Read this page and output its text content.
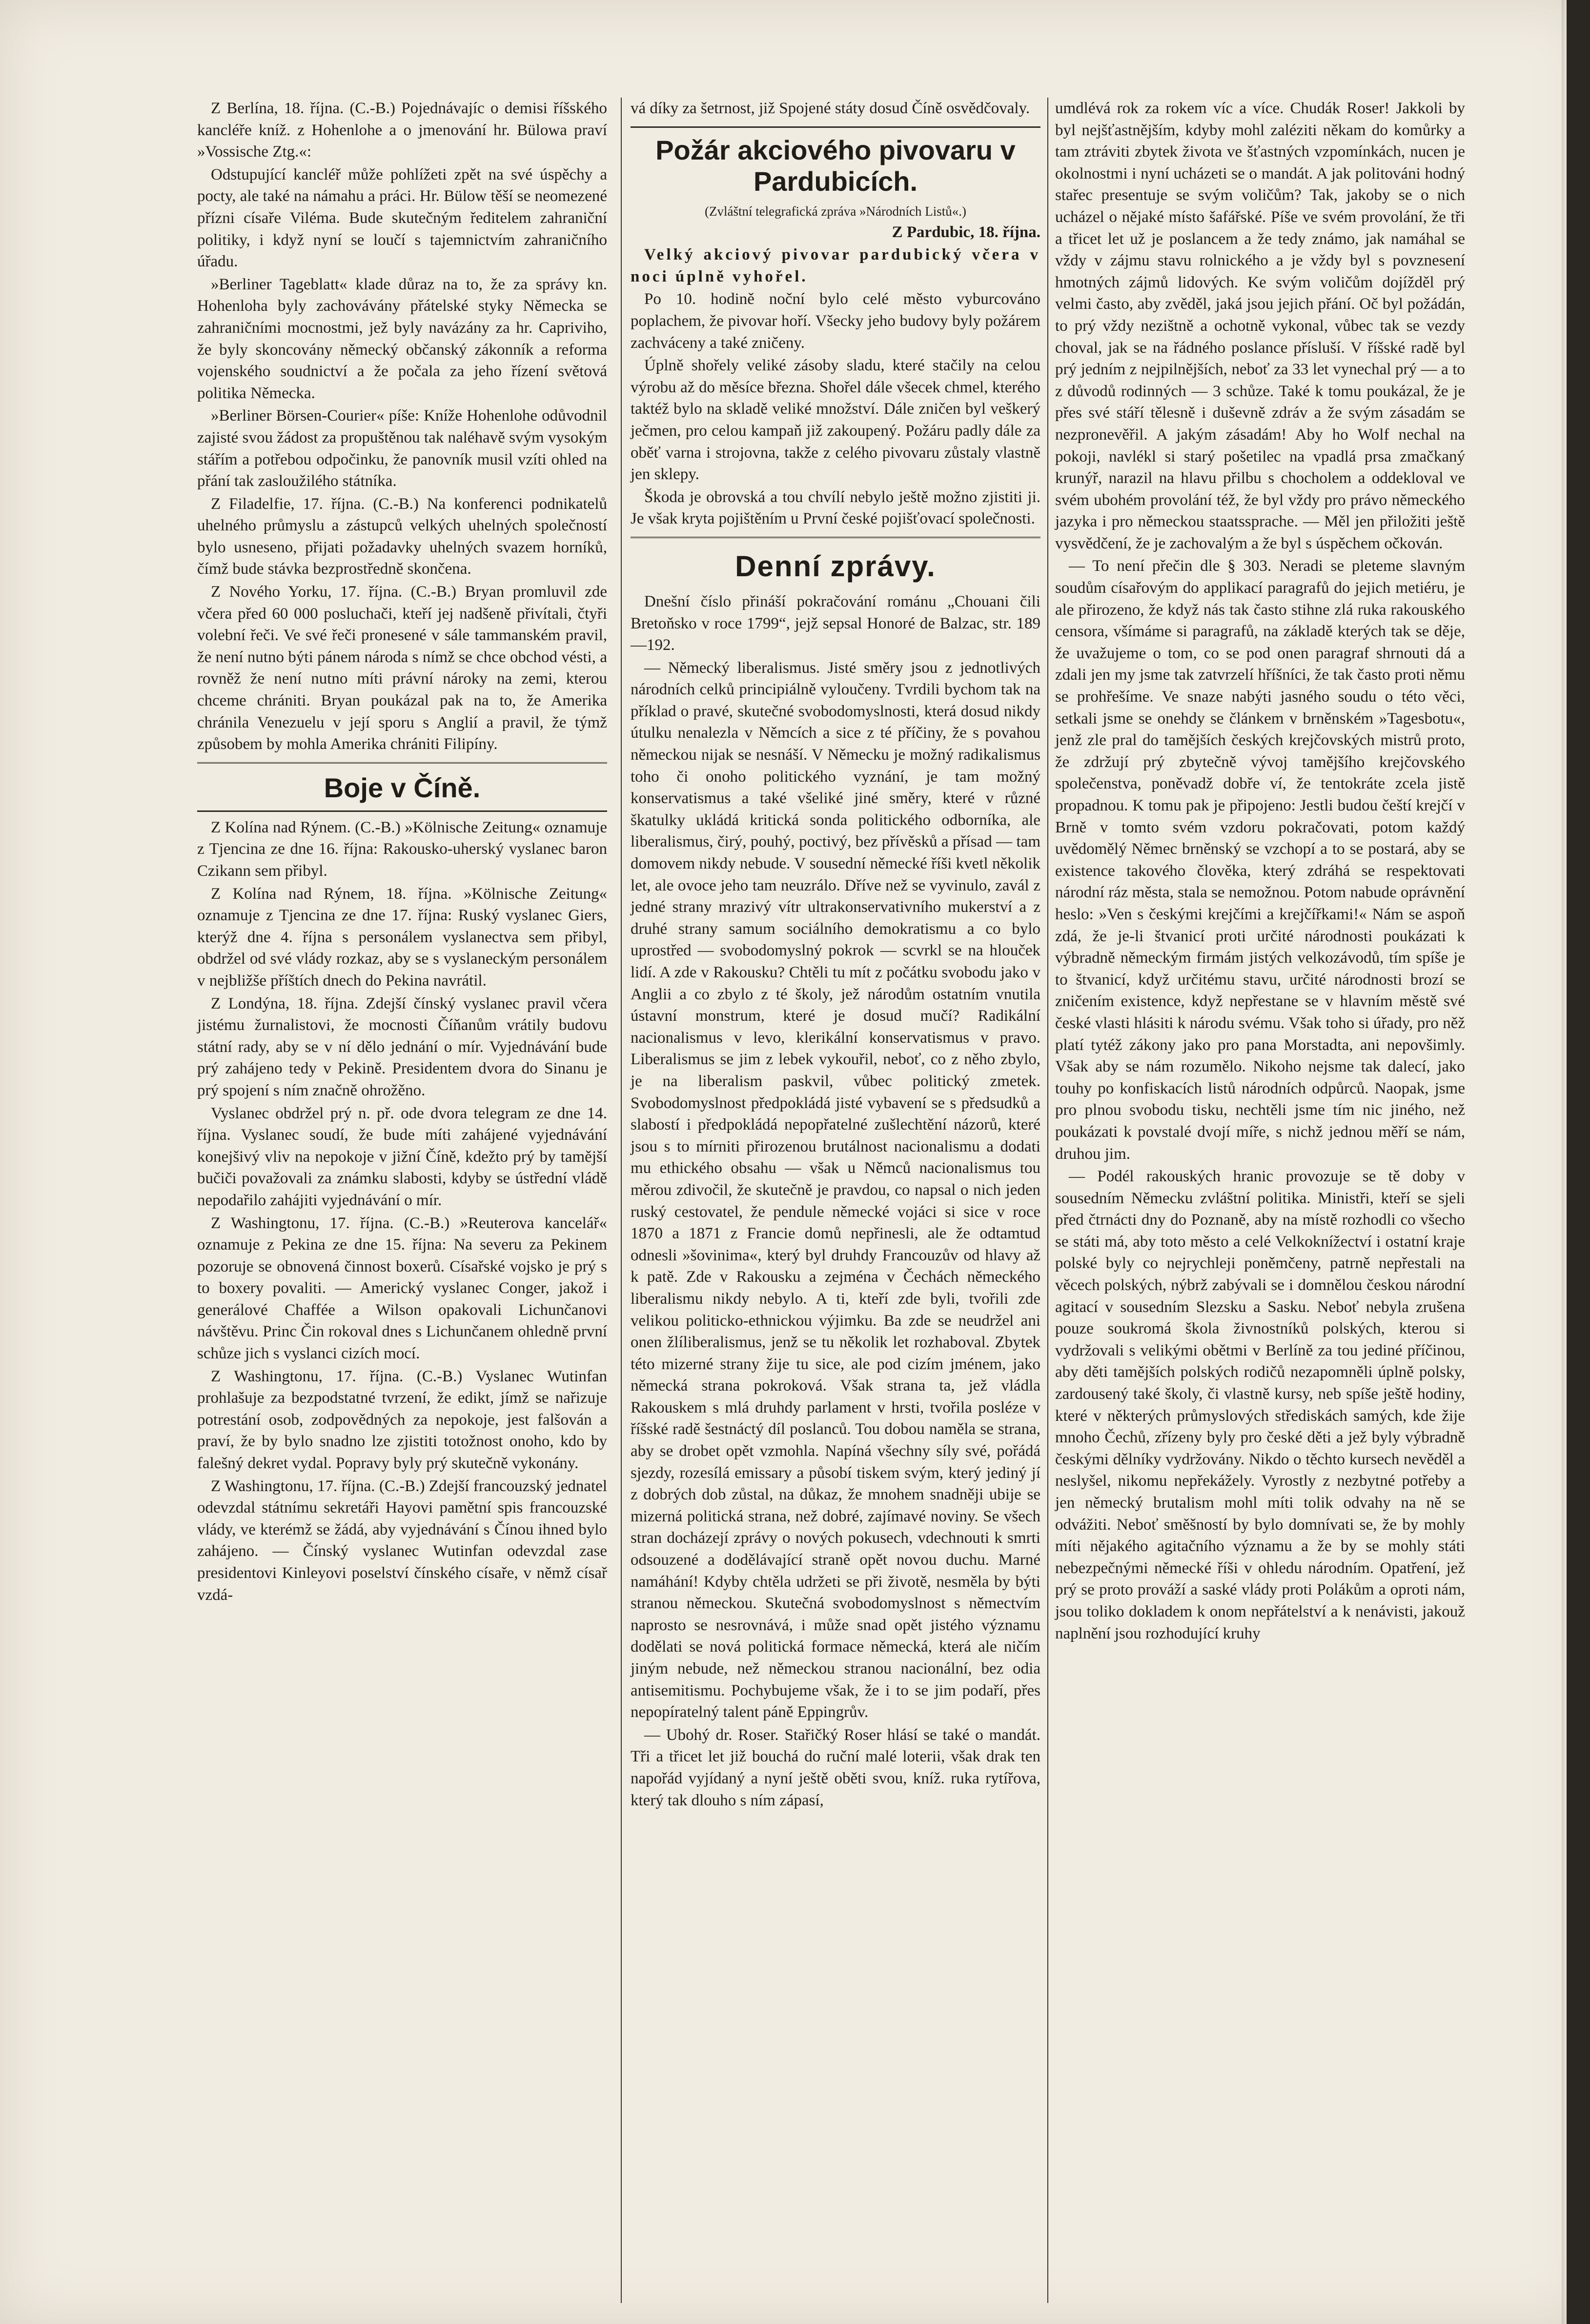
Z Berlína, 18. října. (C.-B.) Pojednávajíc o demisi říšského kancléře kníž. z Hohenlohe a o jmenování hr. Bülowa praví »Vossische Ztg.«:

Odstupující kancléř může pohlížeti zpět na své úspěchy a pocty, ale také na námahu a práci. Hr. Bülow těší se neomezené přízni císaře Viléma. Bude skutečným ředitelem zahraniční politiky, i když nyní se loučí s tajemnictvím zahraničního úřadu.

»Berliner Tageblatt« klade důraz na to, že za správy kn. Hohenloha byly zachovávány přátelské styky Německa se zahraničními mocnostmi, jež byly navázány za hr. Capriviho, že byly skoncovány německý občanský zákonník a reforma vojenského soudnictví a že počala za jeho řízení světová politika Německa.

»Berliner Börsen-Courier« píše: Kníže Hohenlohe odůvodnil zajisté svou žádost za propuštěnou tak naléhavě svým vysokým stářím a potřebou odpočinku, že panovník musil vzíti ohled na přání tak zasloužilého státníka.

Z Filadelfie, 17. října. (C.-B.) Na konferenci podnikatelů uhelného průmyslu a zástupců velkých uhelných společností bylo usneseno, přijati požadavky uhelných svazem horníků, čímž bude stávka bezprostředně skončena.

Z Nového Yorku, 17. října. (C.-B.) Bryan promluvil zde včera před 60 000 posluchači, kteří jej nadšeně přivítali, čtyři volební řeči. Ve své řeči pronesené v sále tammanském pravil, že není nutno býti pánem národa s nímž se chce obchod vésti, a rovněž že není nutno míti právní nároky na zemi, kterou chceme chrániti. Bryan poukázal pak na to, že Amerika chránila Venezuelu v její sporu s Anglií a pravil, že týmž způsobem by mohla Amerika chrániti Filipíny.

Boje v Číně.

Z Kolína nad Rýnem. (C.-B.) »Kölnische Zeitung« oznamuje z Tjencina ze dne 16. října: Rakousko-uherský vyslanec baron Czikann sem přibyl.

Z Kolína nad Rýnem, 18. října. »Kölnische Zeitung« oznamuje z Tjencina ze dne 17. října: Ruský vyslanec Giers, kterýž dne 4. října s personálem vyslanectva sem přibyl, obdržel od své vlády rozkaz, aby se s vyslaneckým personálem v nejbližše příštích dnech do Pekina navrátil.

Z Londýna, 18. října. Zdejší čínský vyslanec pravil včera jistému žurnalistovi, že mocnosti Číňanům vrátily budovu státní rady, aby se v ní dělo jednání o mír. Vyjednávání bude prý zahájeno tedy v Pekině. Presidentem dvora do Sinanu je prý spojení s ním značně ohrožěno.

Vyslanec obdržel prý n. př. ode dvora telegram ze dne 14. října. Vyslanec soudí, že bude míti zahájené vyjednávání konejšivý vliv na nepokoje v jižní Číně, kdežto prý by tamější bučiči považovali za známku slabosti, kdyby se ústřední vládě nepodařilo zahájiti vyjednávání o mír.

Z Washingtonu, 17. října. (C.-B.) »Reuterova kancelář« oznamuje z Pekina ze dne 15. října: Na severu za Pekinem pozoruje se obnovená činnost boxerů. Císařské vojsko je prý s to boxery povaliti. — Americký vyslanec Conger, jakož i generálové Chaffée a Wilson opakovali Lichunčanovi návštěvu. Princ Čin rokoval dnes s Lichunčanem ohledně první schůze jich s vyslanci cizích mocí.

Z Washingtonu, 17. října. (C.-B.) Vyslanec Wutinfan prohlašuje za bezpodstatné tvrzení, že edikt, jímž se nařizuje potrestání osob, zodpovědných za nepokoje, jest falšován a praví, že by bylo snadno lze zjistiti totožnost onoho, kdo by falešný dekret vydal. Popravy byly prý skutečně vykonány.

Z Washingtonu, 17. října. (C.-B.) Zdejší francouzský jednatel odevzdal státnímu sekretáři Hayovi pamětní spis francouzské vlády, ve kterémž se žádá, aby vyjednávání s Čínou ihned bylo zahájeno. — Čínský vyslanec Wutinfan odevzdal zase presidentovi Kinleyovi poselství čínského císaře, v němž císař vzdá-

vá díky za šetrnost, již Spojené státy dosud Číně osvědčovaly.

Požár akciového pivovaru v Pardubicích.

(Zvláštní telegrafická zpráva »Národních Listů«.)

Z Pardubic, 18. října.

Velký akciový pivovar pardubický včera v noci úplně vyhořel.

Po 10. hodině noční bylo celé město vyburcováno poplachem, že pivovar hoří. Všecky jeho budovy byly požárem zachváceny a také zničeny.

Úplně shořely veliké zásoby sladu, které stačily na celou výrobu až do měsíce března. Shořel dále všecek chmel, kterého taktéž bylo na skladě veliké množství. Dále zničen byl veškerý ječmen, pro celou kampaň již zakoupený. Požáru padly dále za oběť varna i strojovna, takže z celého pivovaru zůstaly vlastně jen sklepy.

Škoda je obrovská a tou chvílí nebylo ještě možno zjistiti ji. Je však kryta pojištěním u První české pojišťovací společnosti.

Denní zprávy.

Dnešní číslo přináší pokračování románu „Chouani čili Bretoňsko v roce 1799“, jejž sepsal Honoré de Balzac, str. 189—192.

— Německý liberalismus. Jisté směry jsou z jednotlivých národních celků principiálně vyloučeny. Tvrdili bychom tak na příklad o pravé, skutečné svobodomyslnosti, která dosud nikdy útulku nenalezla v Němcích a sice z té příčiny, že s povahou německou nijak se nesnáší. V Německu je možný radikalismus toho či onoho politického vyznání, je tam možný konservatismus a také všeliké jiné směry, které v různé škatulky ukládá kritická sonda politického odborníka, ale liberalismus, čirý, pouhý, poctivý, bez přívěsků a přísad — tam domovem nikdy nebude. V sousední německé říši kvetl několik let, ale ovoce jeho tam neuzrálo. Dříve než se vyvinulo, zavál z jedné strany mrazivý vítr ultrakonservativního mukerství a z druhé strany samum sociálního demokratismu a co bylo uprostřed — svobodomyslný pokrok — scvrkl se na hlouček lidí. A zde v Rakousku? Chtěli tu mít z počátku svobodu jako v Anglii a co zbylo z té školy, jež národům ostatním vnutila ústavní monstrum, které je dosud mučí? Radikální nacionalismus v levo, klerikální konservatismus v pravo. Liberalismus se jim z lebek vykouřil, neboť, co z něho zbylo, je na liberalism paskvil, vůbec politický zmetek. Svobodomyslnost předpokládá jisté vybavení se s předsudků a slabostí i předpokládá nepopřatelné zušlechtění názorů, které jsou s to mírniti přirozenou brutálnost nacionalismu a dodati mu ethického obsahu — však u Němců nacionalismus tou měrou zdivočil, že skutečně je pravdou, co napsal o nich jeden ruský cestovatel, že pendule německé vojáci si sice v roce 1870 a 1871 z Francie domů nepřinesli, ale že odtamtud odnesli »šovinima«, který byl druhdy Francouzův od hlavy až k patě. Zde v Rakousku a zejména v Čechách německého liberalismu nikdy nebylo. A ti, kteří zde byli, tvořili zde velikou politicko-ethnickou výjimku. Ba zde se neudržel ani onen žlíliberalismus, jenž se tu několik let rozhaboval. Zbytek této mizerné strany žije tu sice, ale pod cizím jménem, jako německá strana pokroková. Však strana ta, jež vládla Rakouskem s mlá druhdy parlament v hrsti, tvořila posléze v říšské radě šestnáctý díl poslanců. Tou dobou naměla se strana, aby se drobet opět vzmohla. Napíná všechny síly své, pořádá sjezdy, rozesílá emissary a působí tiskem svým, který jediný jí z dobrých dob zůstal, na důkaz, že mnohem snadněji ubije se mizerná politická strana, než dobré, zajímavé noviny. Se všech stran docházejí zprávy o nových pokusech, vdechnouti k smrti odsouzené a dodělávající straně opět novou duchu. Marné namáhání! Kdyby chtěla udržeti se při životě, nesměla by býti stranou německou. Skutečná svobodomyslnost s němectvím naprosto se nesrovnává, i může snad opět jistého významu dodělati se nová politická formace německá, která ale ničím jiným nebude, než německou stranou nacionální, bez odia antisemitismu. Pochybujeme však, že i to se jim podaří, přes nepopíratelný talent páně Eppingrův.

— Ubohý dr. Roser. Stařičký Roser hlásí se také o mandát. Tři a třicet let již bouchá do ruční malé loterii, však drak ten napořád vyjídaný a nyní ještě oběti svou, kníž. ruka rytířova, který tak dlouho s ním zápasí,

umdlévá rok za rokem víc a více. Chudák Roser! Jakkoli by byl nejšťastnějším, kdyby mohl zaléziti někam do komůrky a tam ztráviti zbytek života ve šťastných vzpomínkách, nucen je okolnostmi i nyní ucházeti se o mandát. A jak politováni hodný stařec presentuje se svým voličům? Tak, jakoby se o nich ucházel o nějaké místo šafářské. Píše ve svém provolání, že tři a třicet let už je poslancem a že tedy známo, jak namáhal se vždy v zájmu stavu rolnického a je vždy byl s povznesení hmotných zájmů lidových. Ke svým voličům dojížděl prý velmi často, aby zvěděl, jaká jsou jejich přání. Oč byl požádán, to prý vždy nezištně a ochotně vykonal, vůbec tak se vezdy choval, jak se na řádného poslance přísluší. V říšské radě byl prý jedním z nejpilnějších, neboť za 33 let vynechal prý — a to z důvodů rodinných — 3 schůze. Také k tomu poukázal, že je přes své stáří tělesně i duševně zdráv a že svým zásadám se nezpronevěřil. A jakým zásadám! Aby ho Wolf nechal na pokoji, navlékl si starý pošetilec na vpadlá prsa zmačkaný krunýř, narazil na hlavu přilbu s chocholem a oddekloval ve svém ubohém provolání též, že byl vždy pro právo německého jazyka i pro německou staatssprache. — Měl jen přiložiti ještě vysvědčení, že je zachovalým a že byl s úspěchem očkován.

— To není přečin dle § 303. Neradi se pleteme slavným soudům císařovým do applikací paragrafů do jejich metiéru, je ale přirozeno, že když nás tak často stihne zlá ruka rakouského censora, všímáme si paragrafů, na základě kterých tak se děje, že uvažujeme o tom, co se pod onen paragraf shrnouti dá a zdali jen my jsme tak zatvrzelí hříšníci, že tak často proti němu se prohřešíme. Ve snaze nabýti jasného soudu o této věci, setkali jsme se onehdy se článkem v brněnském »Tagesbotu«, jenž zle pral do tamějších českých krejčovských mistrů proto, že zdržují prý zbytečně vývoj tamějšího krejčovského společenstva, poněvadž dobře ví, že tentokráte zcela jistě propadnou. K tomu pak je připojeno: Jestli budou čeští krejčí v Brně v tomto svém vzdoru pokračovati, potom každý uvědomělý Němec brněnský se vzchopí a to se postará, aby se existence takového člověka, který zdráhá se respektovati národní ráz města, stala se nemožnou. Potom nabude oprávnění heslo: »Ven s českými krejčími a krejčířkami!« Nám se aspoň zdá, že je-li štvanicí proti určité národnosti poukázati k výbradně německým firmám jistých velkozávodů, tím spíše je to štvanicí, když určitému stavu, určité národnosti brozí se zničením existence, když nepřestane se v hlavním městě své české vlasti hlásiti k národu svému. Však toho si úřady, pro něž platí tytéž zákony jako pro pana Morstadta, ani nepovšimly. Však aby se nám rozumělo. Nikoho nejsme tak dalecí, jako touhy po konfiskacích listů národních odpůrců. Naopak, jsme pro plnou svobodu tisku, nechtěli jsme tím nic jiného, než poukázati k povstalé dvojí míře, s nichž jednou měří se nám, druhou jim.

— Podél rakouských hranic provozuje se tě doby v sousedním Německu zvláštní politika. Ministři, kteří se sjeli před čtrnácti dny do Poznaně, aby na místě rozhodli co všecho se státi má, aby toto město a celé Velkoknížectví i ostatní kraje polské byly co nejrychleji poněmčeny, patrně nepřestali na věcech polských, nýbrž zabývali se i domnělou českou národní agitací v sousedním Slezsku a Sasku. Neboť nebyla zrušena pouze soukromá škola živnostníků polských, kterou si vydržovali s velikými obětmi v Berlíně za tou jediné příčinou, aby děti tamějších polských rodičů nezapomněli úplně polsky, zardousený také školy, či vlastně kursy, neb spíše ještě hodiny, které v některých průmyslových střediskách samých, kde žije mnoho Čechů, zřízeny byly pro české děti a jež byly výbradně českými dělníky vydržovány. Nikdo o těchto kursech nevěděl a neslyšel, nikomu nepřekážely. Vyrostly z nezbytné potřeby a jen německý brutalism mohl míti tolik odvahy na ně se odvážiti. Neboť směšností by bylo domnívati se, že by mohly míti nějakého agitačního významu a že by se mohly státi nebezpečnými německé říši v ohledu národním. Opatření, jež prý se proto prováží a saské vlády proti Polákům a oproti nám, jsou toliko dokladem k onom nepřátelství a k nenávisti, jakouž naplnění jsou rozhodující kruhy
